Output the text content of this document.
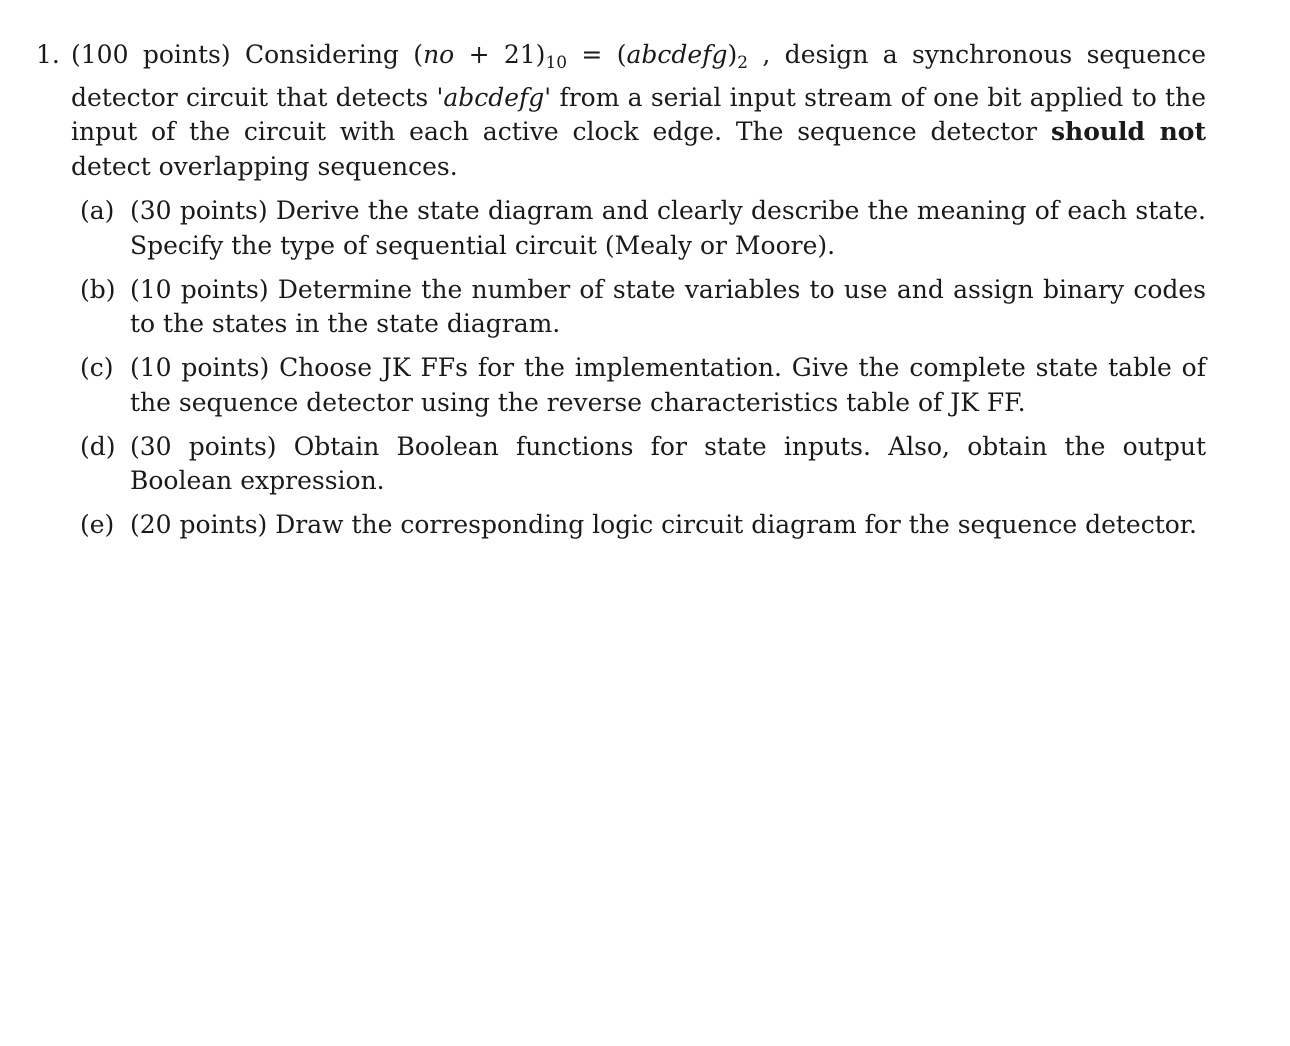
1. (100 points) Considering $(no + 21)_{10}$ = $(abcdefg)_2$ , design a synchronous sequence detector circuit that detects 'abcdefg' from a serial input stream of one bit applied to the input of the circuit with each active clock edge. The sequence detector should not detect overlapping sequences.
(a) (30 points) Derive the state diagram and clearly describe the meaning of each state. Specify the type of sequential circuit (Mealy or Moore).
(b) (10 points) Determine the number of state variables to use and assign binary codes to the states in the state diagram.
(c) (10 points) Choose JK FFs for the implementation. Give the complete state table of the sequence detector using the reverse characteristics table of JK FF.
(d) (30 points) Obtain Boolean functions for state inputs. Also, obtain the output Boolean expression.
(e) (20 points) Draw the corresponding logic circuit diagram for the sequence detector.
